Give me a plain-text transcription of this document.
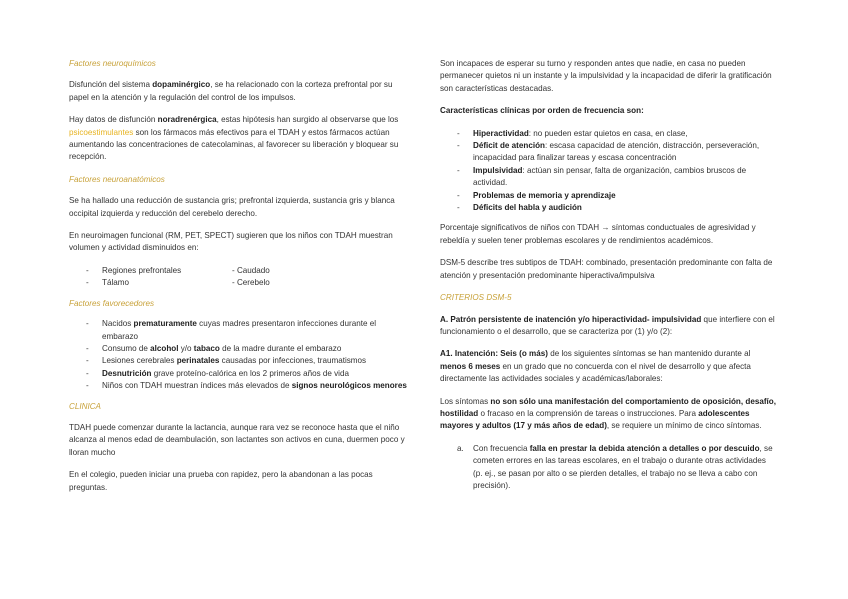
Factores neuroquímicos

Disfunción del sistema dopaminérgico, se ha relacionado con la corteza prefrontal por su papel en la atención y la regulación del control de los impulsos.

Hay datos de disfunción noradrenérgica, estas hipótesis han surgido al observarse que los psicoestimulantes son los fármacos más efectivos para el TDAH y estos fármacos actúan aumentando las concentraciones de catecolaminas, al favorecer su liberación y bloquear su recepción.

Factores neuroanatómicos

Se ha hallado una reducción de sustancia gris; prefrontal izquierda, sustancia gris y blanca occipital izquierda y reducción del cerebelo derecho.

En neuroimagen funcional (RM, PET, SPECT) sugieren que los niños con TDAH muestran volumen y actividad disminuidos en:

- Regiones prefrontales	- Caudado
- Tálamo	- Cerebelo
Factores favorecedores
- Nacidos prematuramente cuyas madres presentaron infecciones durante el embarazo
- Consumo de alcohol y/o tabaco de la madre durante el embarazo
- Lesiones cerebrales perinatales causadas por infecciones, traumatismos
- Desnutrición grave proteíno-calórica en los 2 primeros años de vida
- Niños con TDAH muestran índices más elevados de signos neurológicos menores
CLINICA

TDAH puede comenzar durante la lactancia, aunque rara vez se reconoce hasta que el niño alcanza al menos edad de deambulación, son lactantes son activos en cuna, duermen poco y lloran mucho

En el colegio, pueden iniciar una prueba con rapidez, pero la abandonan a las pocas preguntas.

Son incapaces de esperar su turno y responden antes que nadie, en casa no pueden permanecer quietos ni un instante y la impulsividad y la incapacidad de diferir la gratificación son características destacadas.

Características clínicas por orden de frecuencia son:

- Hiperactividad: no pueden estar quietos en casa, en clase,
- Déficit de atención: escasa capacidad de atención, distracción, perseveración, incapacidad para finalizar tareas y escasa concentración
- Impulsividad: actúan sin pensar, falta de organización, cambios bruscos de actividad.
- Problemas de memoria y aprendizaje
- Déficits del habla y audición

Porcentaje significativos de niños con TDAH → síntomas conductuales de agresividad y rebeldía y suelen tener problemas escolares y de rendimientos académicos.

DSM-5 describe tres subtipos de TDAH: combinado, presentación predominante con falta de atención y presentación predominante hiperactiva/impulsiva

CRITERIOS DSM-5

A. Patrón persistente de inatención y/o hiperactividad- impulsividad que interfiere con el funcionamiento o el desarrollo, que se caracteriza por (1) y/o (2):

A1. Inatención: Seis (o más) de los siguientes síntomas se han mantenido durante al menos 6 meses en un grado que no concuerda con el nivel de desarrollo y que afecta directamente las actividades sociales y académicas/laborales:

Los síntomas no son sólo una manifestación del comportamiento de oposición, desafío, hostilidad o fracaso en la comprensión de tareas o instrucciones. Para adolescentes mayores y adultos (17 y más años de edad), se requiere un mínimo de cinco síntomas.

a. Con frecuencia falla en prestar la debida atención a detalles o por descuido, se cometen errores en las tareas escolares, en el trabajo o durante otras actividades (p. ej., se pasan por alto o se pierden detalles, el trabajo no se lleva a cabo con precisión).
